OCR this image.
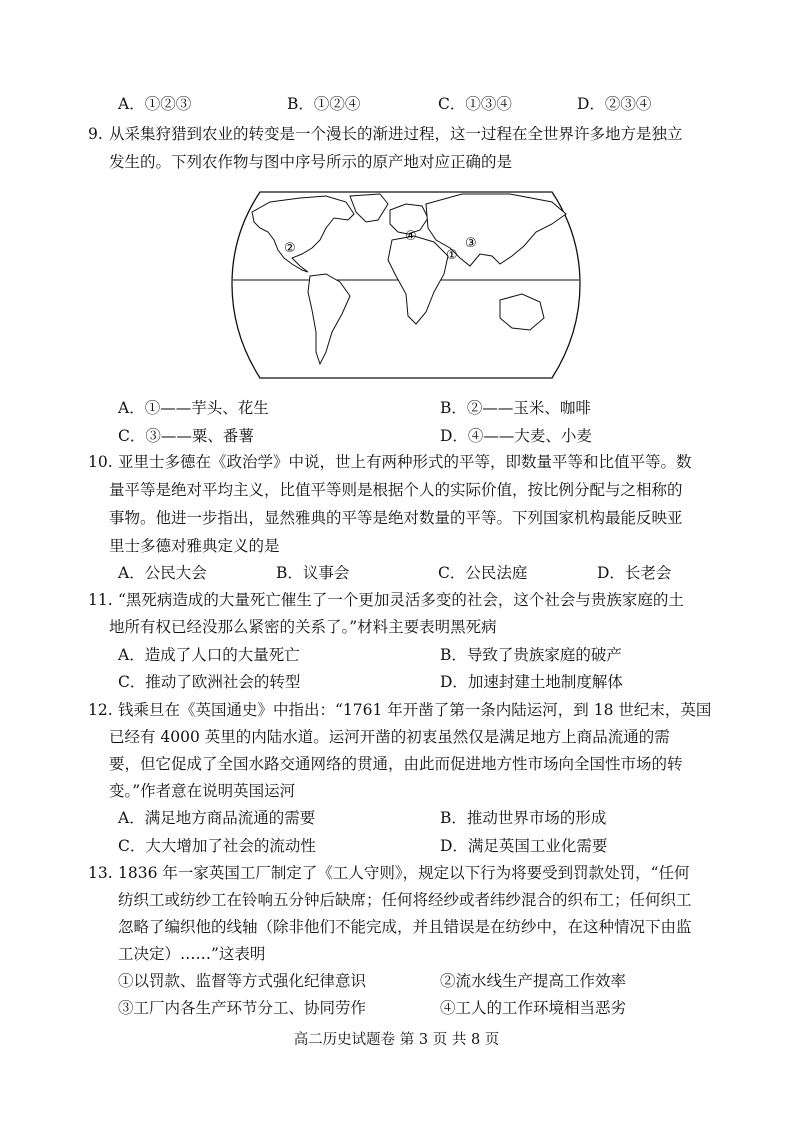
A．①②③	B．①②④	C．①③④	D．②③④
9. 从采集狩猎到农业的转变是一个漫长的渐进过程，这一过程在全世界许多地方是独立
发生的。下列农作物与图中序号所示的原产地对应正确的是
①
②	③
④
A．①——芋头、花生	B．②——玉米、咖啡
C．③——粟、番薯	D．④——大麦、小麦
10. 亚里士多德在《政治学》中说，世上有两种形式的平等，即数量平等和比值平等。数
量平等是绝对平均主义，比值平等则是根据个人的实际价值，按比例分配与之相称的
事物。他进一步指出，显然雅典的平等是绝对数量的平等。下列国家机构最能反映亚
里士多德对雅典定义的是
A．公民大会	B．议事会	C．公民法庭	D．长老会
11. “黑死病造成的大量死亡催生了一个更加灵活多变的社会，这个社会与贵族家庭的土
地所有权已经没那么紧密的关系了。”材料主要表明黑死病
A．造成了人口的大量死亡	B．导致了贵族家庭的破产
C．推动了欧洲社会的转型	D．加速封建土地制度解体
12. 钱乘旦在《英国通史》中指出：“1761 年开凿了第一条内陆运河，到 18 世纪末，英国
已经有 4000 英里的内陆水道。运河开凿的初衷虽然仅是满足地方上商品流通的需
要，但它促成了全国水路交通网络的贯通，由此而促进地方性市场向全国性市场的转
变。”作者意在说明英国运河
A．满足地方商品流通的需要	B．推动世界市场的形成
C．大大增加了社会的流动性	D．满足英国工业化需要
13. 1836 年一家英国工厂制定了《工人守则》，规定以下行为将要受到罚款处罚，“任何
纺织工或纺纱工在铃响五分钟后缺席；任何将经纱或者纬纱混合的织布工；任何织工
忽略了编织他的线轴（除非他们不能完成，并且错误是在纺纱中，在这种情况下由监
工决定）……”这表明
①以罚款、监督等方式强化纪律意识	②流水线生产提高工作效率
③工厂内各生产环节分工、协同劳作	④工人的工作环境相当恶劣
高二历史试题卷 第 3 页 共 8 页
